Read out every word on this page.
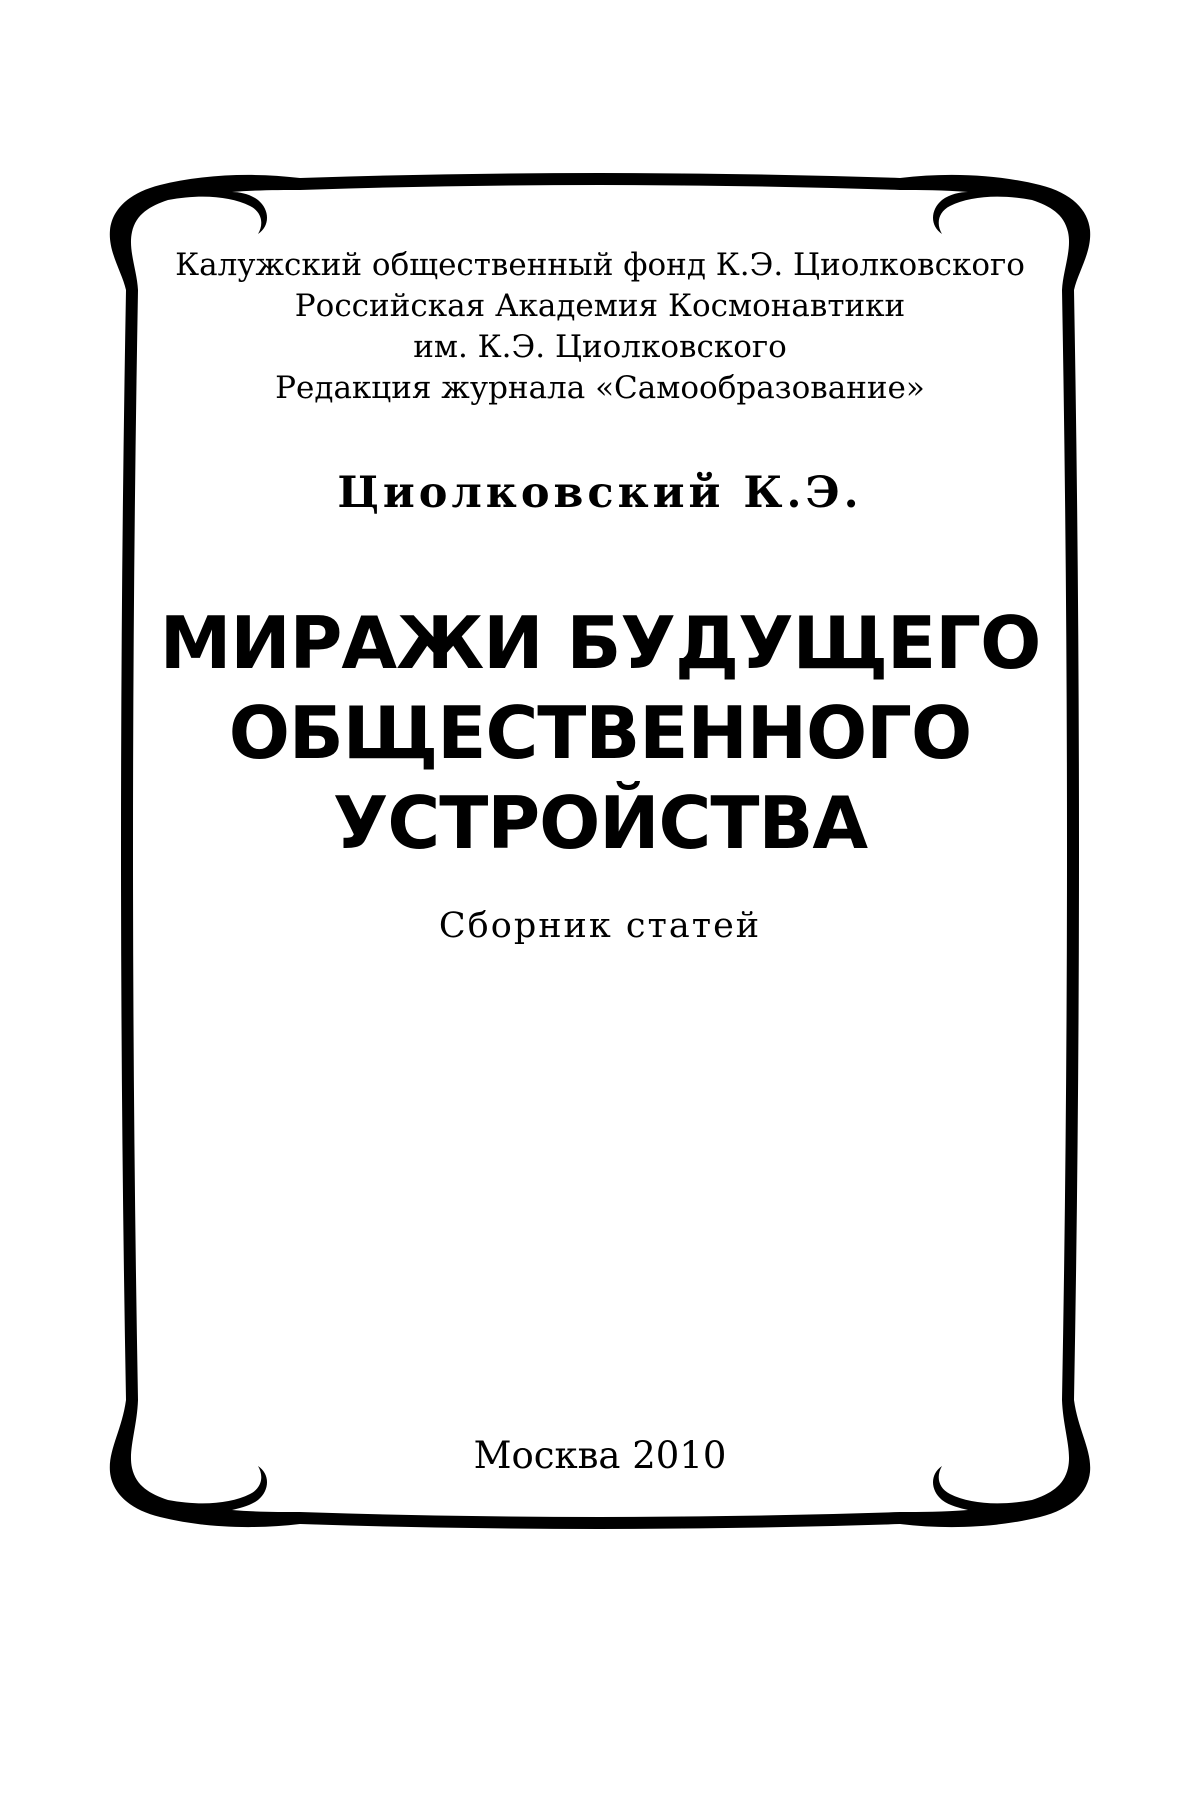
Калужский общественный фонд К.Э. Циолковского
Российская Академия Космонавтики
им. К.Э. Циолковского
Редакция журнала «Самообразование»
Циолковский К.Э.
МИРАЖИ БУДУЩЕГО
ОБЩЕСТВЕННОГО
УСТРОЙСТВА
Сборник статей
Москва 2010
